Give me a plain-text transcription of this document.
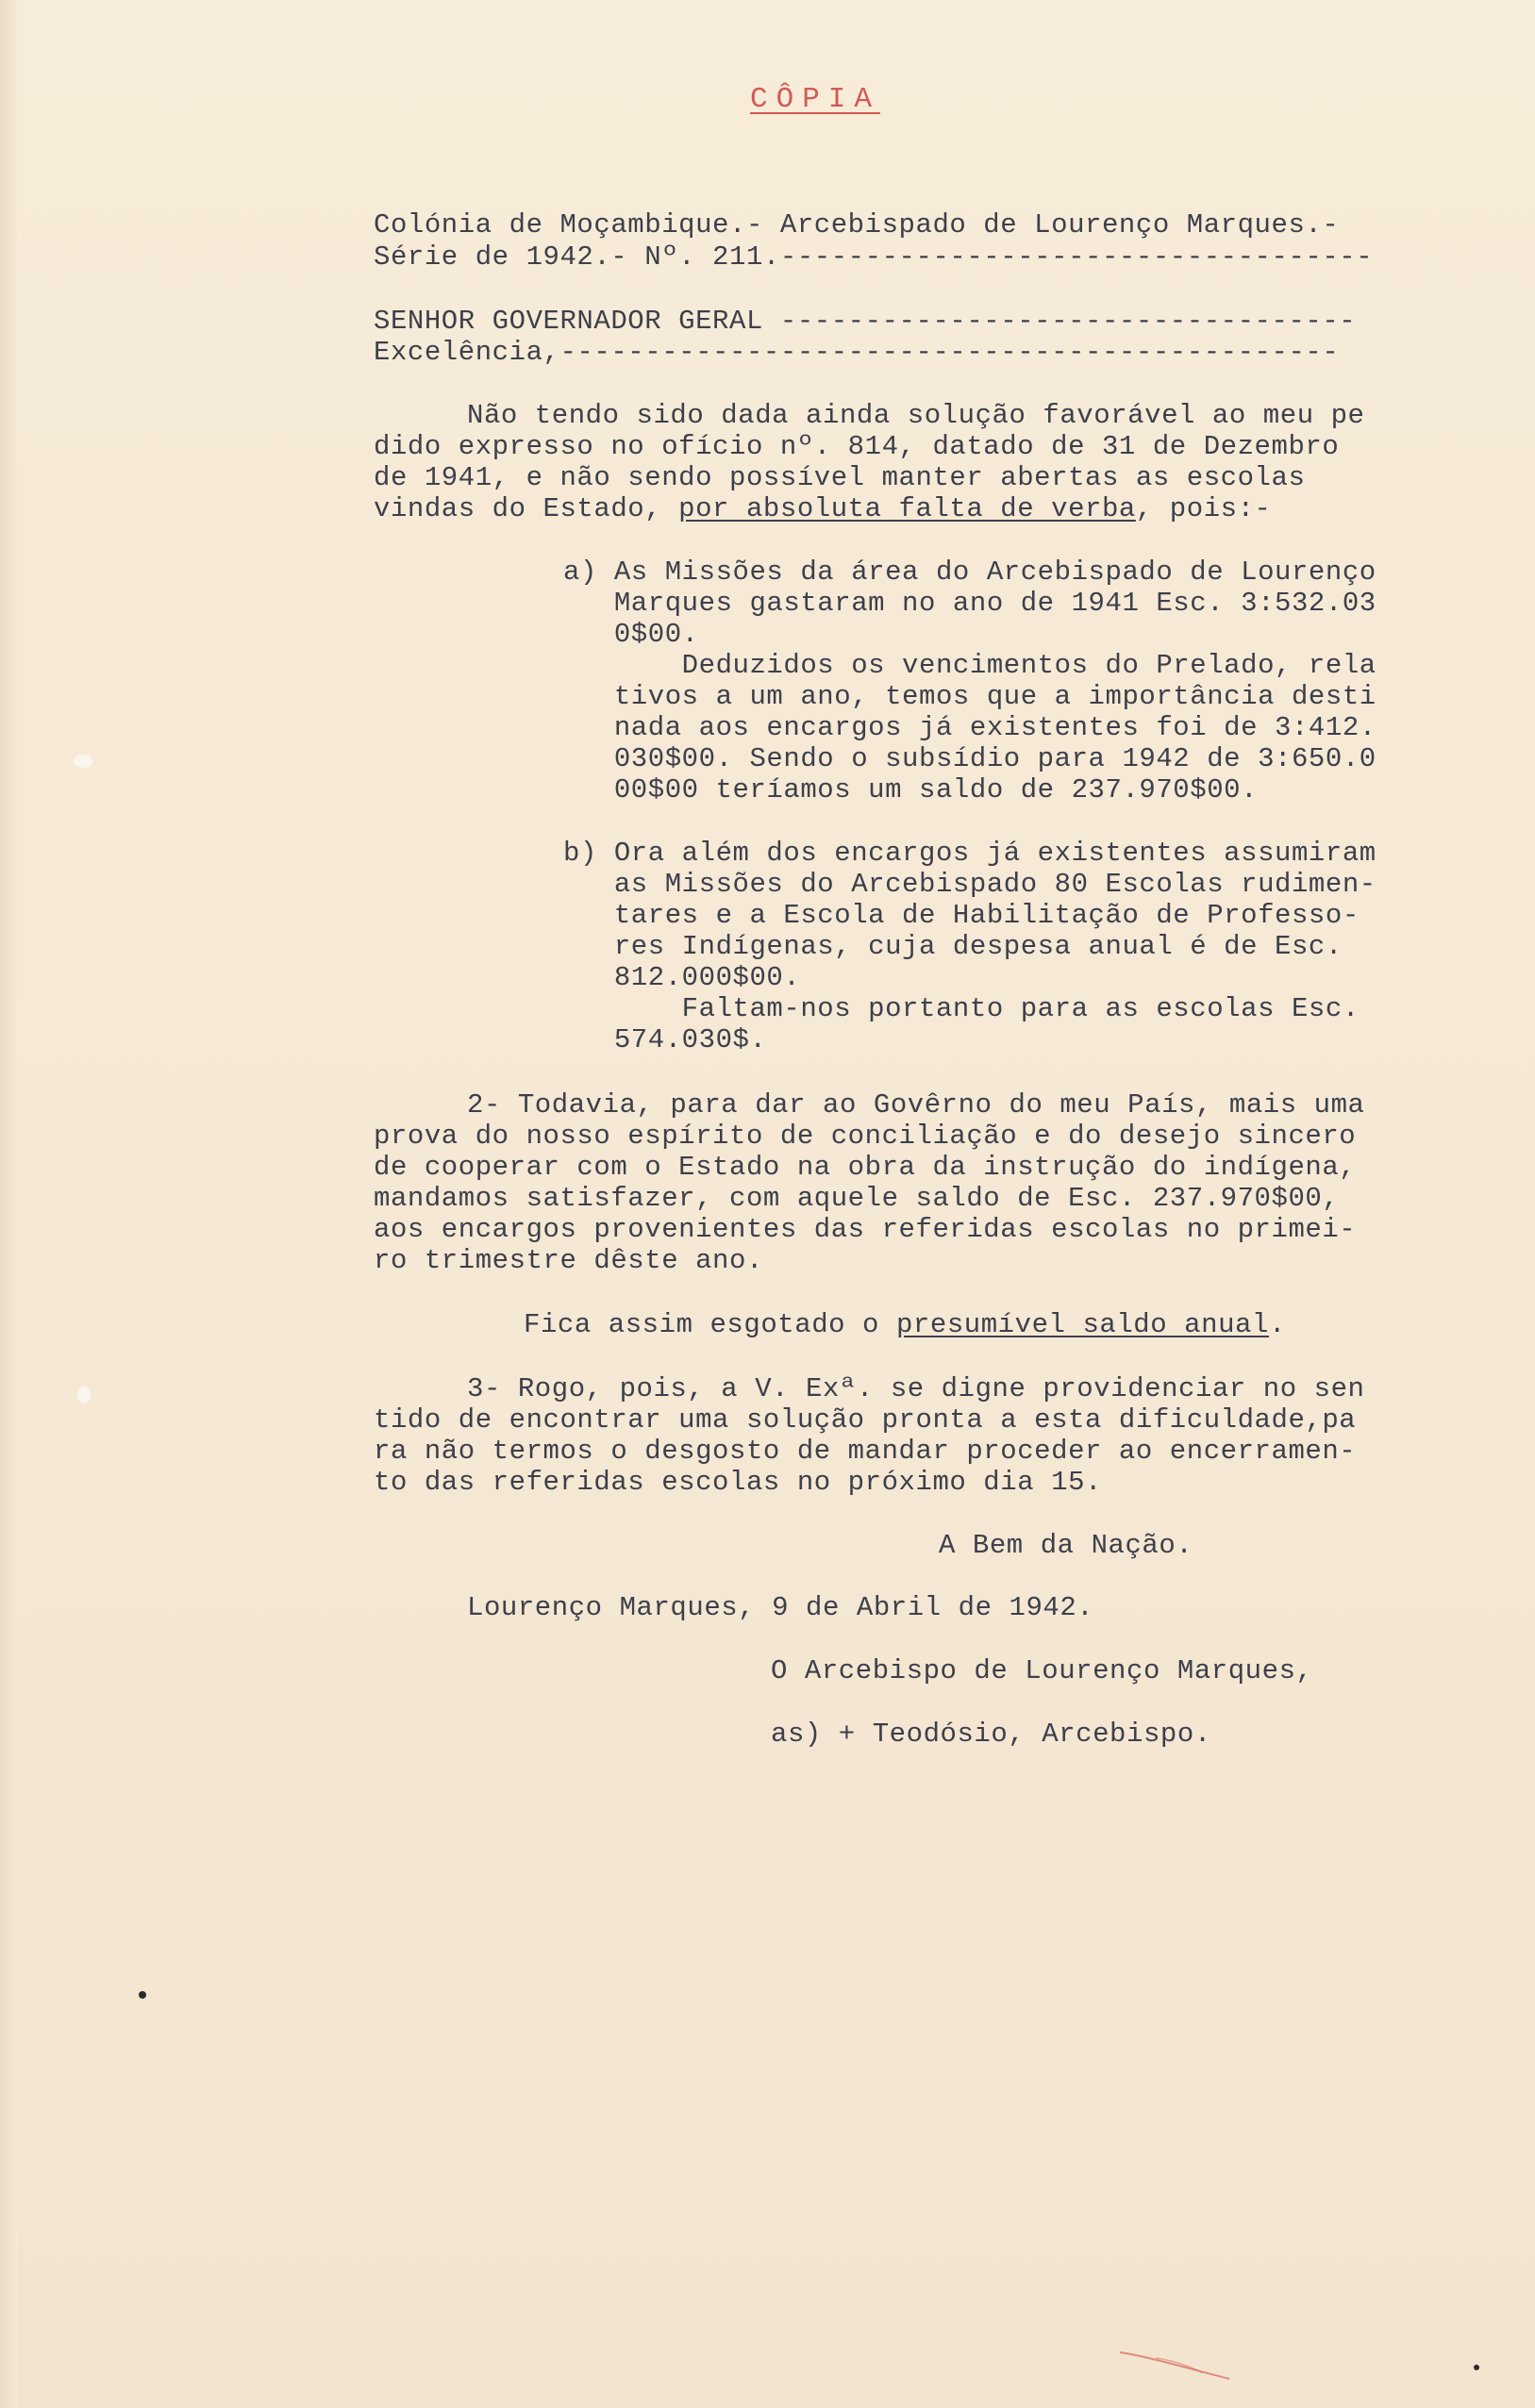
CÔPIA
Colónia de Moçambique.- Arcebispado de Lourenço Marques.-
Série de 1942.- Nº. 211.-----------------------------------
SENHOR GOVERNADOR GERAL ----------------------------------
Excelência,----------------------------------------------
Não tendo sido dada ainda solução favorável ao meu pe
dido expresso no ofício nº. 814, datado de 31 de Dezembro
de 1941, e não sendo possível manter abertas as escolas
vindas do Estado, por absoluta falta de verba, pois:-
a) As Missões da área do Arcebispado de Lourenço
Marques gastaram no ano de 1941 Esc. 3:532.03
0$00.
Deduzidos os vencimentos do Prelado, rela
tivos a um ano, temos que a importância desti
nada aos encargos já existentes foi de 3:412.
030$00. Sendo o subsídio para 1942 de 3:650.0
00$00 teríamos um saldo de 237.970$00.
b) Ora além dos encargos já existentes assumiram
as Missões do Arcebispado 80 Escolas rudimen-
tares e a Escola de Habilitação de Professo-
res Indígenas, cuja despesa anual é de Esc.
812.000$00.
Faltam-nos portanto para as escolas Esc.
574.030$.
2- Todavia, para dar ao Govêrno do meu País, mais uma
prova do nosso espírito de conciliação e do desejo sincero
de cooperar com o Estado na obra da instrução do indígena,
mandamos satisfazer, com aquele saldo de Esc. 237.970$00,
aos encargos provenientes das referidas escolas no primei-
ro trimestre dêste ano.
Fica assim esgotado o presumível saldo anual.
3- Rogo, pois, a V. Exª. se digne providenciar no sen
tido de encontrar uma solução pronta a esta dificuldade,pa
ra não termos o desgosto de mandar proceder ao encerramen-
to das referidas escolas no próximo dia 15.
A Bem da Nação.
Lourenço Marques, 9 de Abril de 1942.
O Arcebispo de Lourenço Marques,
as) + Teodósio, Arcebispo.
